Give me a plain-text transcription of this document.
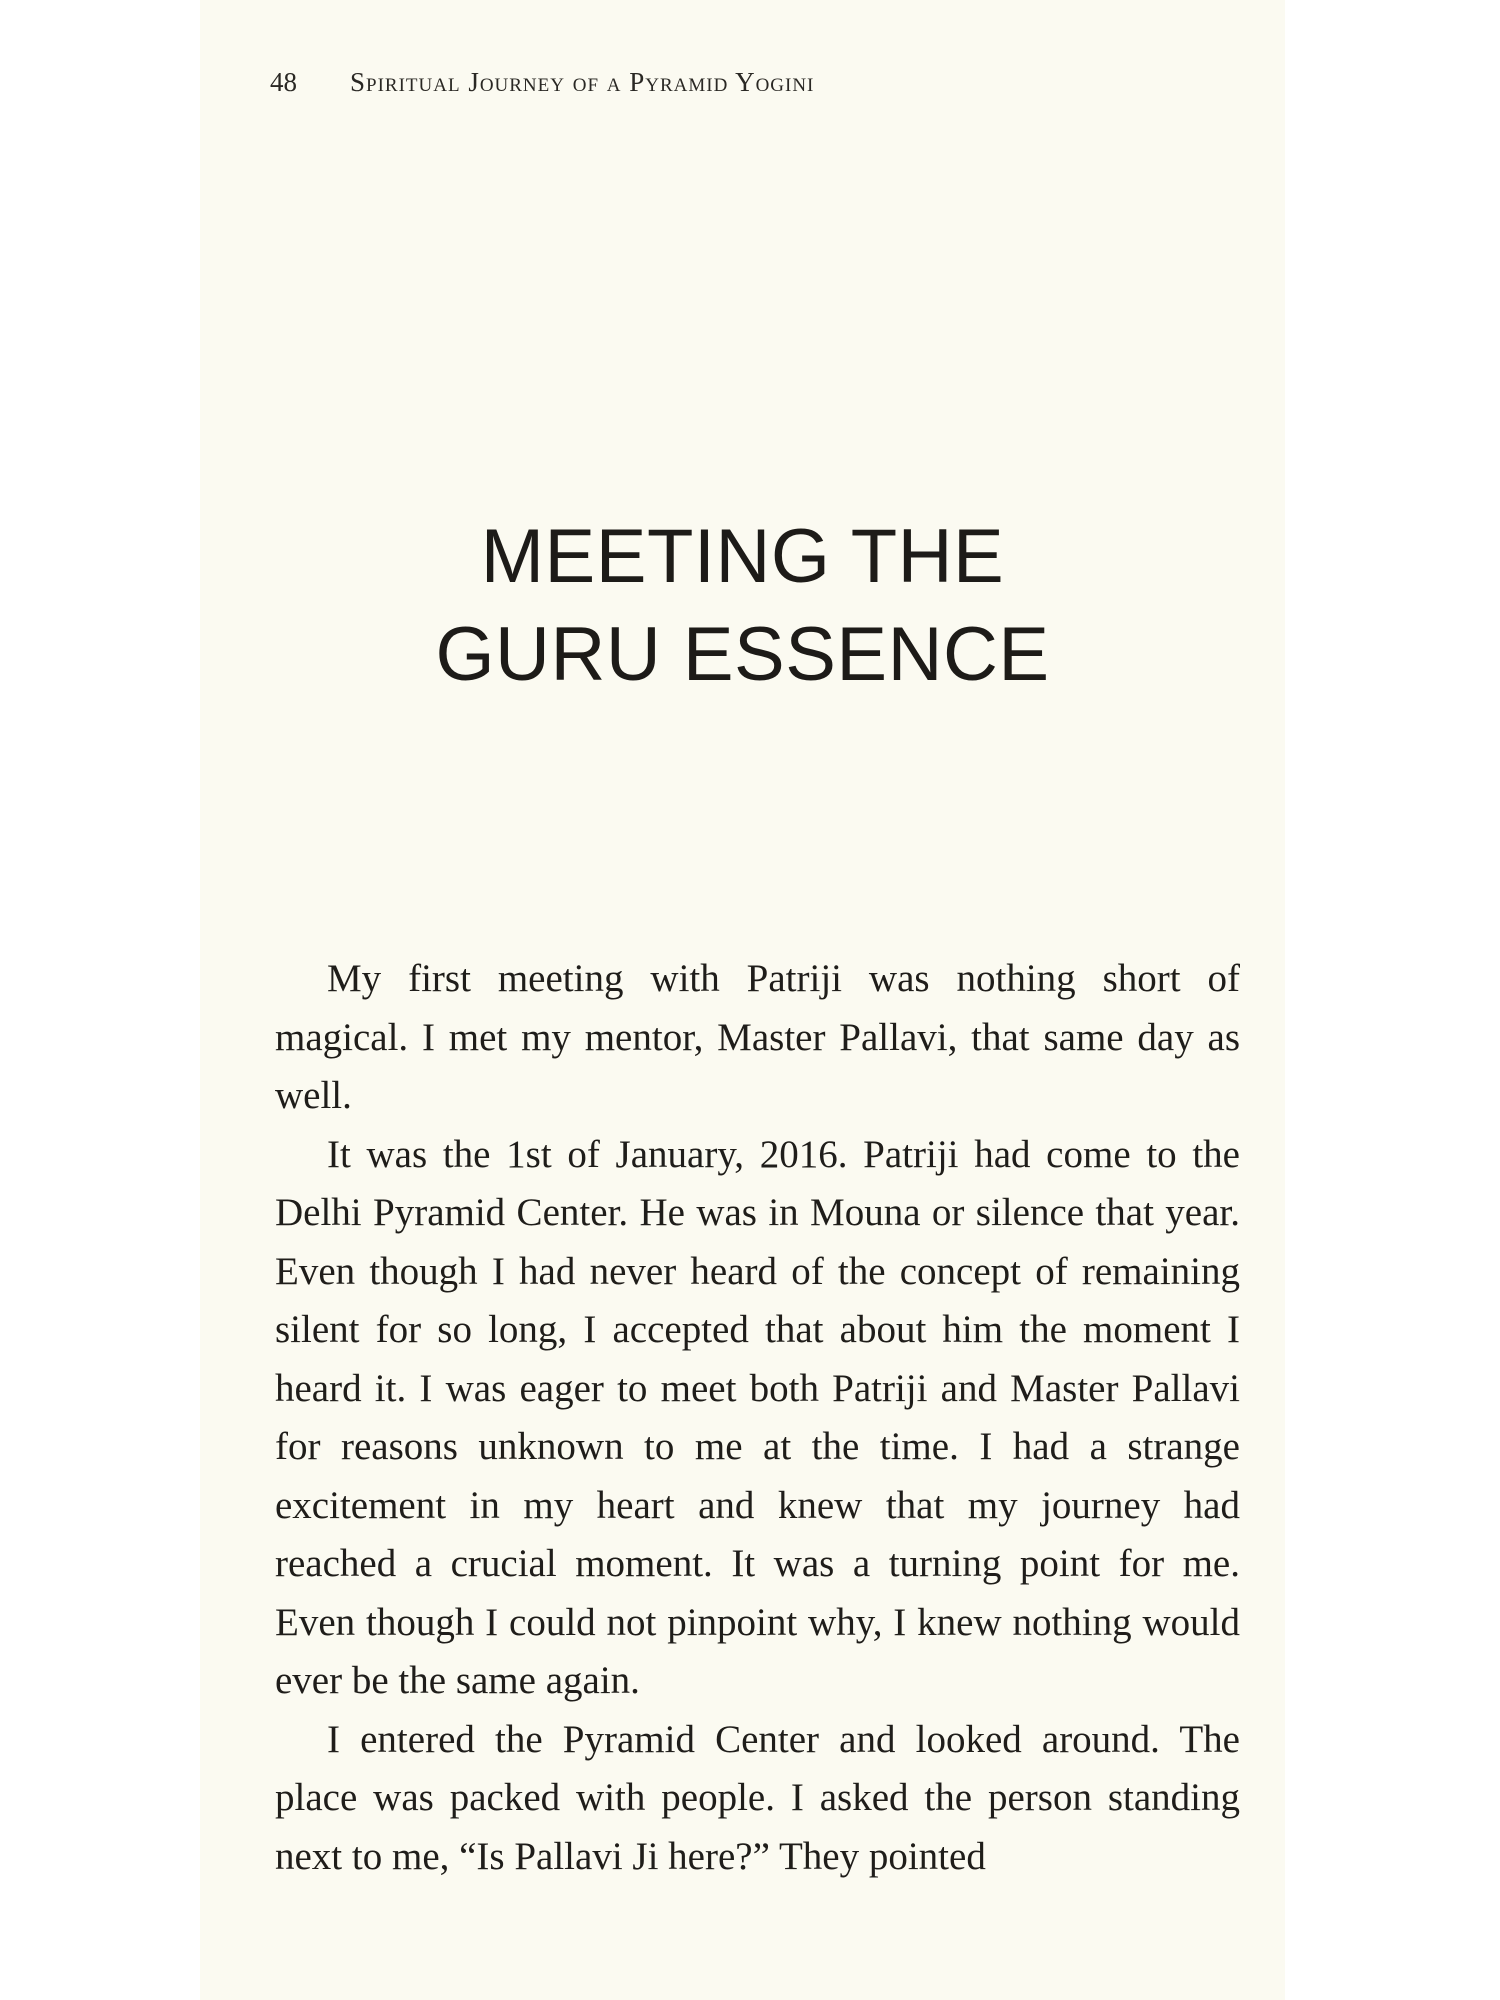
48 Spiritual Journey of a Pyramid Yogini
MEETING THE
GURU ESSENCE

My first meeting with Patriji was nothing short of magical. I met my mentor, Master Pallavi, that same day as well.

It was the 1st of January, 2016. Patriji had come to the Delhi Pyramid Center. He was in Mouna or silence that year. Even though I had never heard of the concept of remaining silent for so long, I accepted that about him the moment I heard it. I was eager to meet both Patriji and Master Pallavi for reasons unknown to me at the time. I had a strange excitement in my heart and knew that my journey had reached a crucial moment. It was a turning point for me. Even though I could not pinpoint why, I knew nothing would ever be the same again.

I entered the Pyramid Center and looked around. The place was packed with people. I asked the person standing next to me, “Is Pallavi Ji here?” They pointed
